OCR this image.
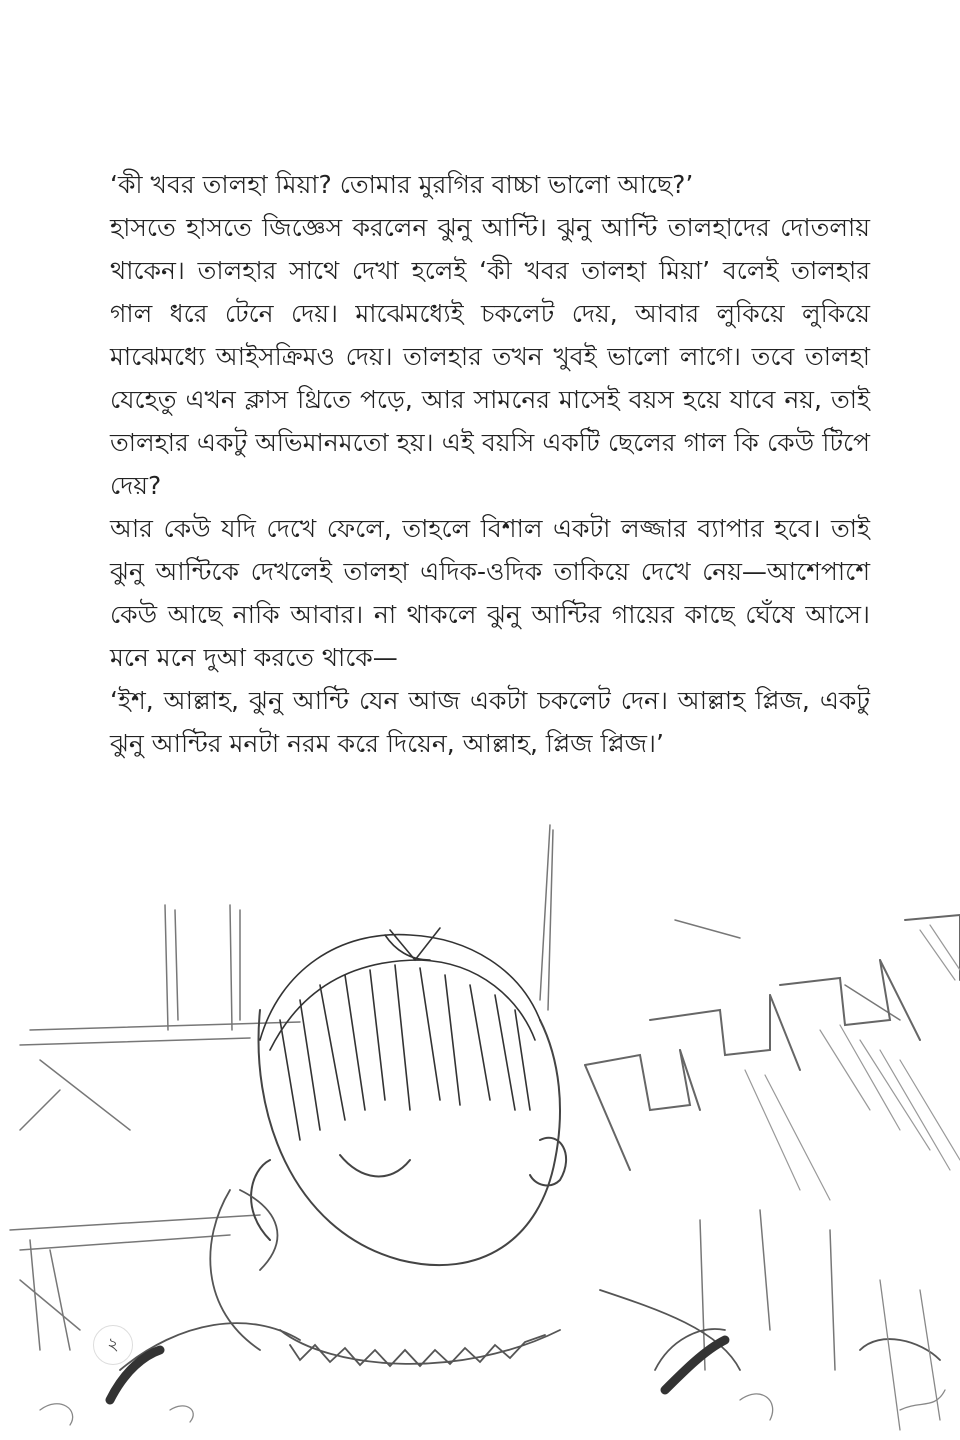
‘কী খবর তালহা মিয়া? তোমার মুরগির বাচ্চা ভালো আছে?’

হাসতে হাসতে জিজ্ঞেস করলেন ঝুনু আন্টি। ঝুনু আন্টি তালহাদের দোতলায় থাকেন। তালহার সাথে দেখা হলেই ‘কী খবর তালহা মিয়া’ বলেই তালহার গাল ধরে টেনে দেয়। মাঝেমধ্যেই চকলেট দেয়, আবার লুকিয়ে লুকিয়ে মাঝেমধ্যে আইসক্রিমও দেয়। তালহার তখন খুবই ভালো লাগে। তবে তালহা যেহেতু এখন ক্লাস থ্রিতে পড়ে, আর সামনের মাসেই বয়স হয়ে যাবে নয়, তাই তালহার একটু অভিমানমতো হয়। এই বয়সি একটি ছেলের গাল কি কেউ টিপে দেয়?

আর কেউ যদি দেখে ফেলে, তাহলে বিশাল একটা লজ্জার ব্যাপার হবে। তাই ঝুনু আন্টিকে দেখলেই তালহা এদিক-ওদিক তাকিয়ে দেখে নেয়—আশেপাশে কেউ আছে নাকি আবার। না থাকলে ঝুনু আন্টির গায়ের কাছে ঘেঁষে আসে। মনে মনে দুআ করতে থাকে—

‘ইশ, আল্লাহ, ঝুনু আন্টি যেন আজ একটা চকলেট দেন। আল্লাহ প্লিজ, একটু ঝুনু আন্টির মনটা নরম করে দিয়েন, আল্লাহ, প্লিজ প্লিজ।’

২
